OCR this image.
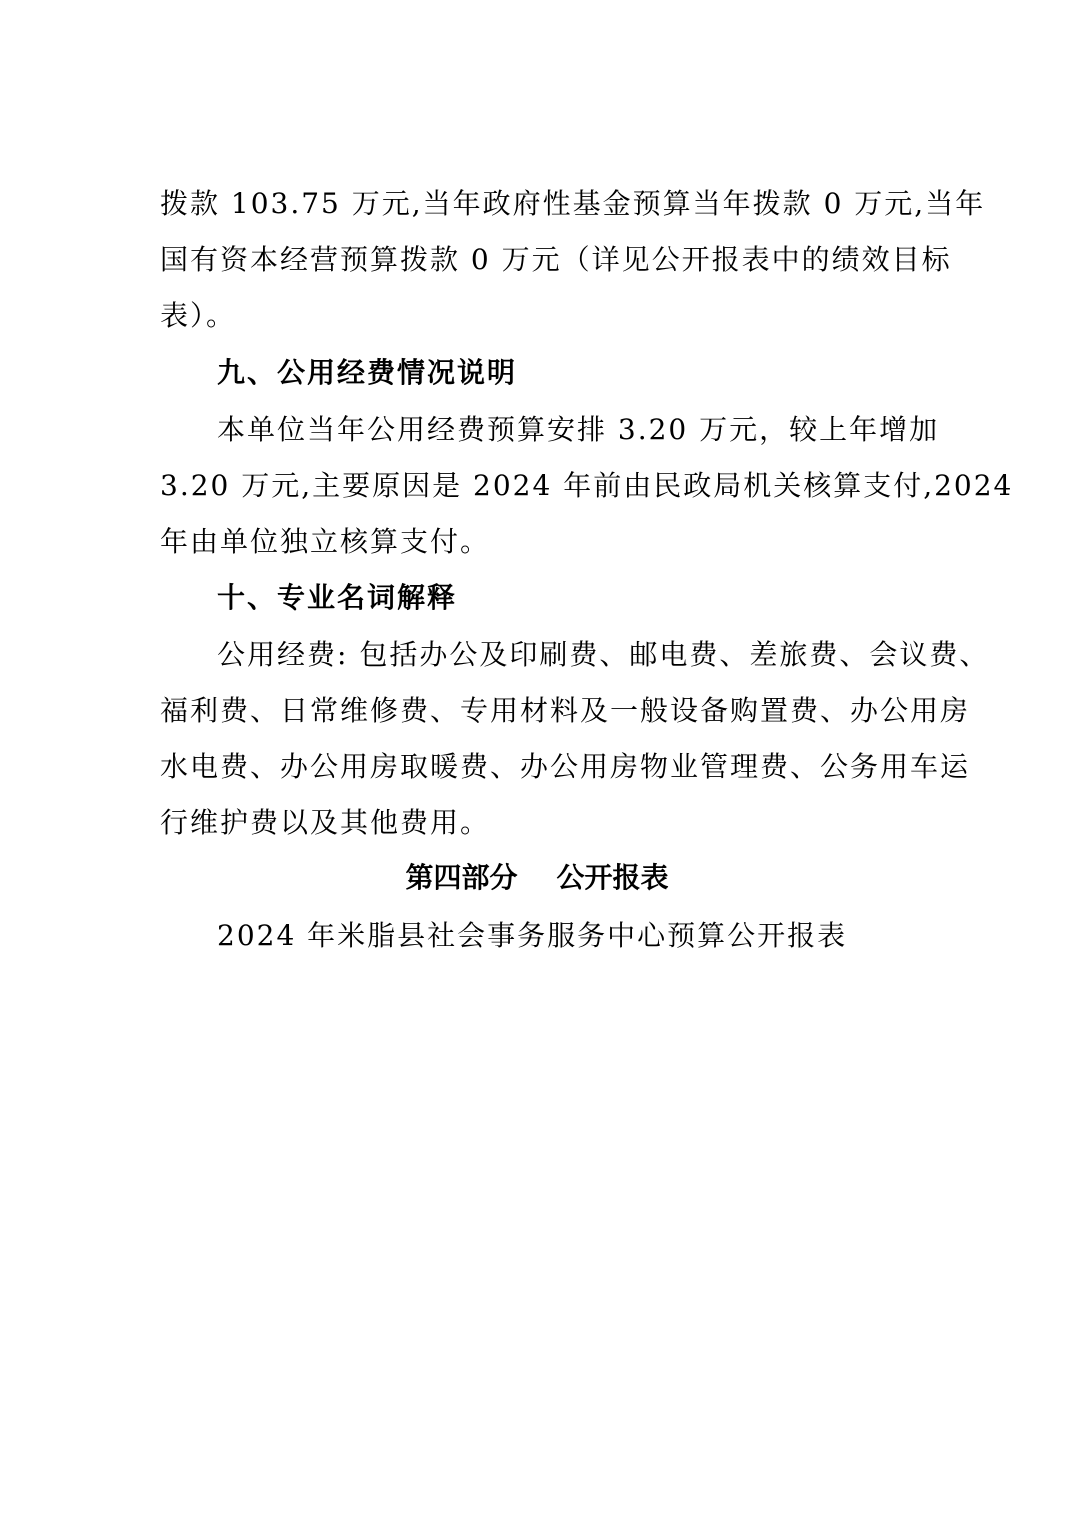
拨款 103.75 万元,当年政府性基金预算当年拨款 0 万元,当年
国有资本经营预算拨款 0 万元（详见公开报表中的绩效目标
表）。
九、公用经费情况说明
本单位当年公用经费预算安排 3.20 万元，较上年增加
3.20 万元,主要原因是 2024 年前由民政局机关核算支付,2024
年由单位独立核算支付。
十、专业名词解释
公用经费: 包括办公及印刷费、邮电费、差旅费、会议费、
福利费、日常维修费、专用材料及一般设备购置费、办公用房
水电费、办公用房取暖费、办公用房物业管理费、公务用车运
行维护费以及其他费用。
第四部分    公开报表
2024 年米脂县社会事务服务中心预算公开报表
